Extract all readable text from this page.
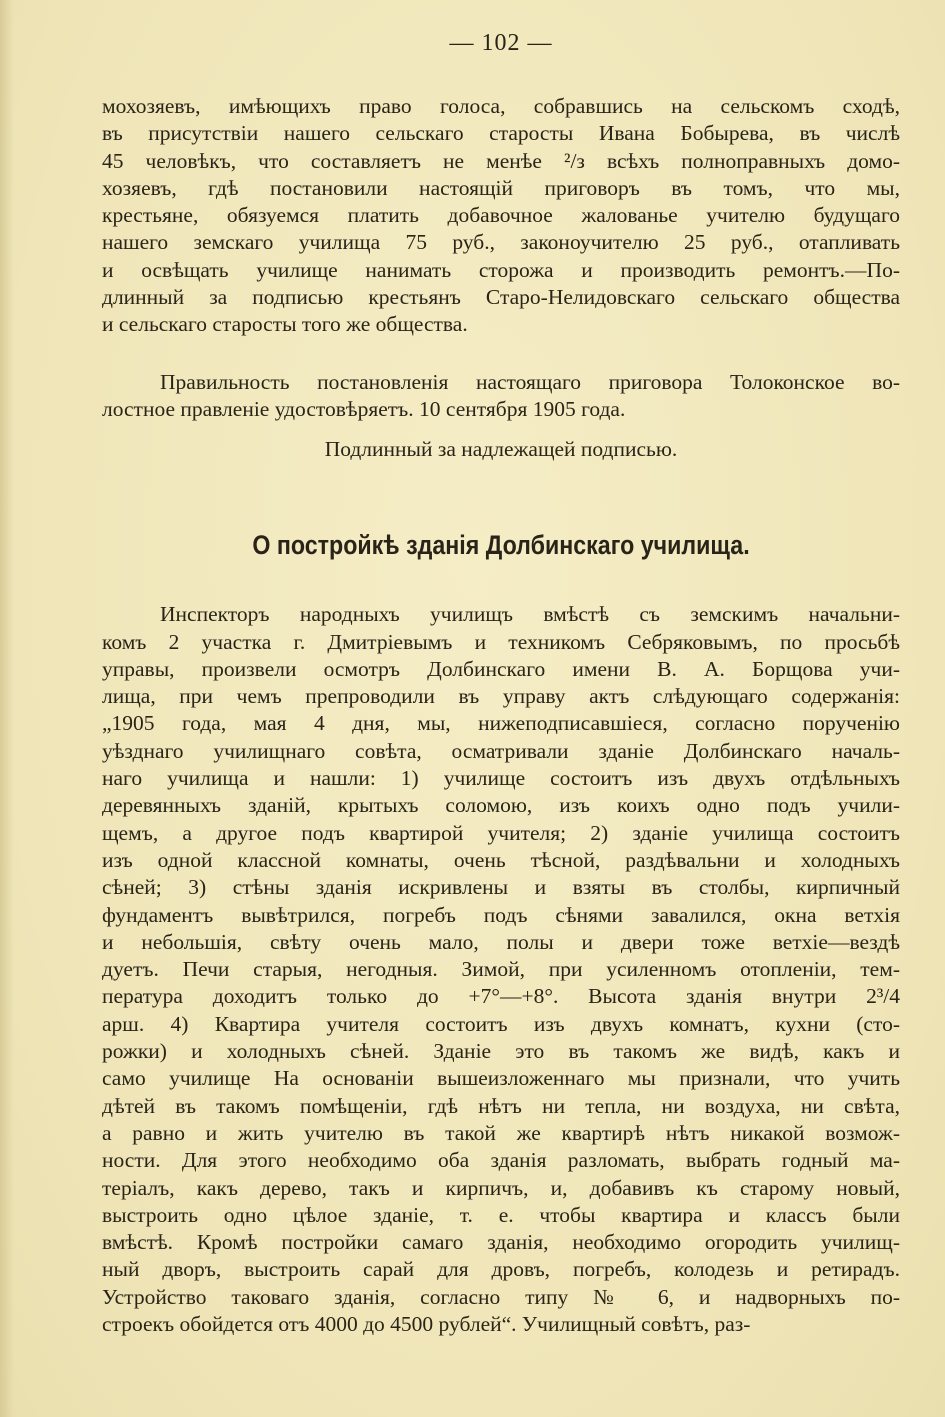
— 102 —
мохозяевъ, имѣющихъ право голоса, собравшись на сельскомъ сходѣ,
въ присутствіи нашего сельскаго старосты Ивана Бобырева, въ числѣ
45 человѣкъ, что составляетъ не менѣе ²/з всѣхъ полноправныхъ домо-
хозяевъ, гдѣ постановили настоящій приговоръ въ томъ, что мы,
крестьяне, обязуемся платить добавочное жалованье учителю будущаго
нашего земскаго училища 75 руб., законоучителю 25 руб., отапливать
и освѣщать училище нанимать сторожа и производить ремонтъ.—По-
длинный за подписью крестьянъ Старо-Нелидовскаго сельскаго общества
и сельскаго старосты того же общества.
Правильность постановленія настоящаго приговора Толоконское во-
лостное правленіе удостовѣряетъ. 10 сентября 1905 года.
Подлинный за надлежащей подписью.
О постройкѣ зданія Долбинскаго училища.
Инспекторъ народныхъ училищъ вмѣстѣ съ земскимъ начальни-
комъ 2 участка г. Дмитріевымъ и техникомъ Себряковымъ, по просьбѣ
управы, произвели осмотръ Долбинскаго имени В. А. Борщова учи-
лища, при чемъ препроводили въ управу актъ слѣдующаго содержанія:
„1905 года, мая 4 дня, мы, нижеподписавшіеся, согласно порученію
уѣзднаго училищнаго совѣта, осматривали зданіе Долбинскаго началь-
наго училища и нашли: 1) училище состоитъ изъ двухъ отдѣльныхъ
деревянныхъ зданій, крытыхъ соломою, изъ коихъ одно подъ учили-
щемъ, а другое подъ квартирой учителя; 2) зданіе училища состоитъ
изъ одной классной комнаты, очень тѣсной, раздѣвальни и холодныхъ
сѣней; 3) стѣны зданія искривлены и взяты въ столбы, кирпичный
фундаментъ вывѣтрился, погребъ подъ сѣнями завалился, окна ветхія
и небольшія, свѣту очень мало, полы и двери тоже ветхіе—вездѣ
дуетъ. Печи старыя, негодныя. Зимой, при усиленномъ отопленіи, тем-
пература доходитъ только до +7°—+8°. Высота зданія внутри 2³/4
арш. 4) Квартира учителя состоитъ изъ двухъ комнатъ, кухни (сто-
рожки) и холодныхъ сѣней. Зданіе это въ такомъ же видѣ, какъ и
само училище На основаніи вышеизложеннаго мы признали, что учить
дѣтей въ такомъ помѣщеніи, гдѣ нѣтъ ни тепла, ни воздуха, ни свѣта,
а равно и жить учителю въ такой же квартирѣ нѣтъ никакой возмож-
ности. Для этого необходимо оба зданія разломать, выбрать годный ма-
теріалъ, какъ дерево, такъ и кирпичъ, и, добавивъ къ старому новый,
выстроить одно цѣлое зданіе, т. е. чтобы квартира и классъ были
вмѣстѣ. Кромѣ постройки самаго зданія, необходимо огородить училищ-
ный дворъ, выстроить сарай для дровъ, погребъ, колодезь и ретирадъ.
Устройство таковаго зданія, согласно типу № 6, и надворныхъ по-
строекъ обойдется отъ 4000 до 4500 рублей“. Училищный совѣтъ, раз-
